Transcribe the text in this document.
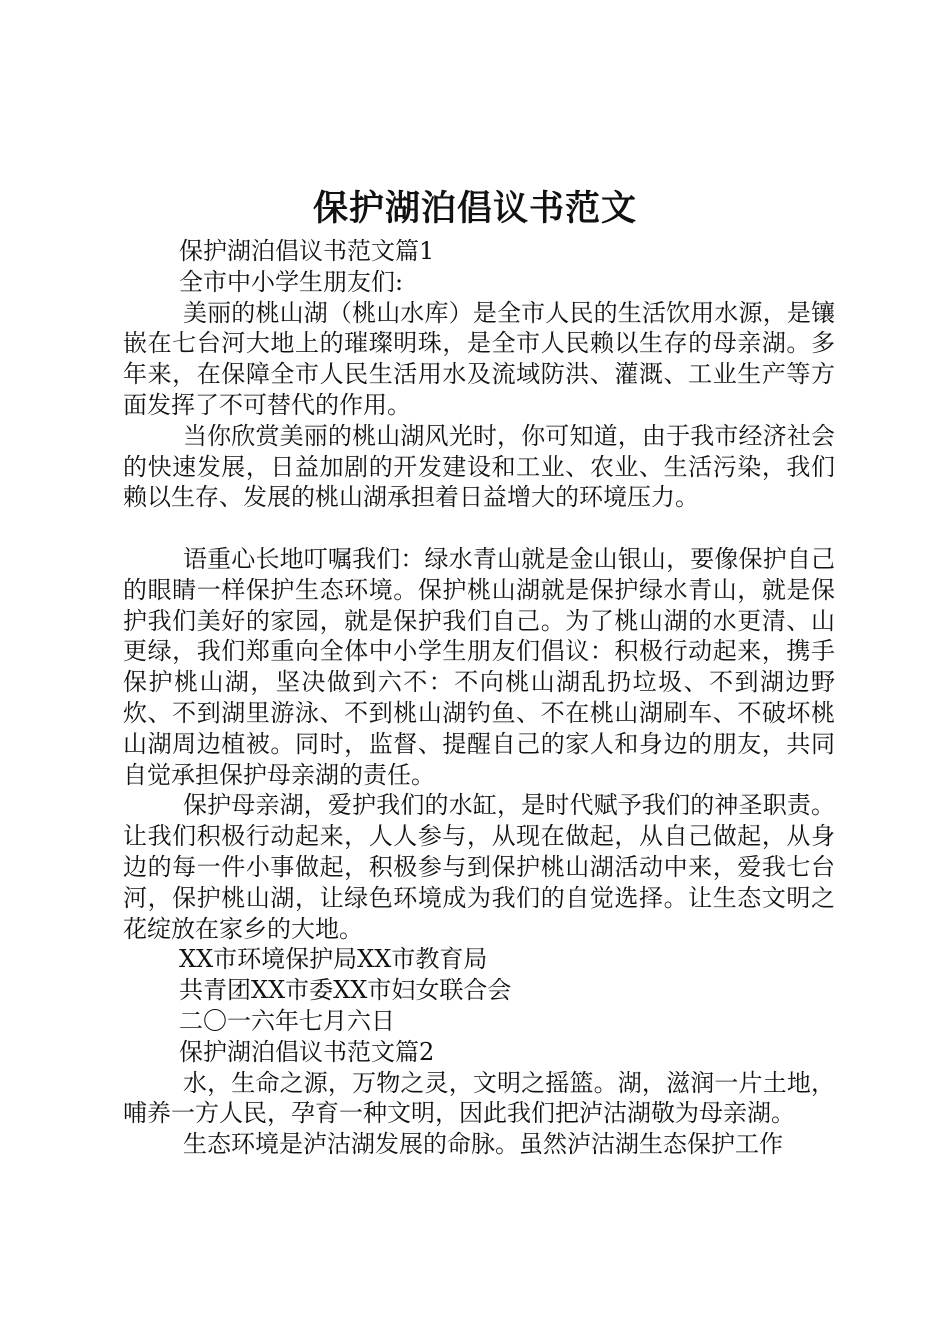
保护湖泊倡议书范文
保护湖泊倡议书范文篇1
全市中小学生朋友们:

美丽的桃山湖（桃山水库）是全市人民的生活饮用水源，是镶嵌在七台河大地上的璀璨明珠，是全市人民赖以生存的母亲湖。多年来，在保障全市人民生活用水及流域防洪、灌溉、工业生产等方面发挥了不可替代的作用。

当你欣赏美丽的桃山湖风光时，你可知道，由于我市经济社会的快速发展，日益加剧的开发建设和工业、农业、生活污染，我们赖以生存、发展的桃山湖承担着日益增大的环境压力。

语重心长地叮嘱我们：绿水青山就是金山银山，要像保护自己的眼睛一样保护生态环境。保护桃山湖就是保护绿水青山，就是保护我们美好的家园，就是保护我们自己。为了桃山湖的水更清、山更绿，我们郑重向全体中小学生朋友们倡议：积极行动起来，携手保护桃山湖，坚决做到六不：不向桃山湖乱扔垃圾、不到湖边野炊、不到湖里游泳、不到桃山湖钓鱼、不在桃山湖刷车、不破坏桃山湖周边植被。同时，监督、提醒自己的家人和身边的朋友，共同自觉承担保护母亲湖的责任。

保护母亲湖，爱护我们的水缸，是时代赋予我们的神圣职责。让我们积极行动起来，人人参与，从现在做起，从自己做起，从身边的每一件小事做起，积极参与到保护桃山湖活动中来，爱我七台河，保护桃山湖，让绿色环境成为我们的自觉选择。让生态文明之花绽放在家乡的大地。

XX市环境保护局XX市教育局
共青团XX市委XX市妇女联合会
二〇一六年七月六日
保护湖泊倡议书范文篇2

水，生命之源，万物之灵，文明之摇篮。湖，滋润一片土地，哺养一方人民，孕育一种文明，因此我们把泸沽湖敬为母亲湖。

生态环境是泸沽湖发展的命脉。虽然泸沽湖生态保护工作
